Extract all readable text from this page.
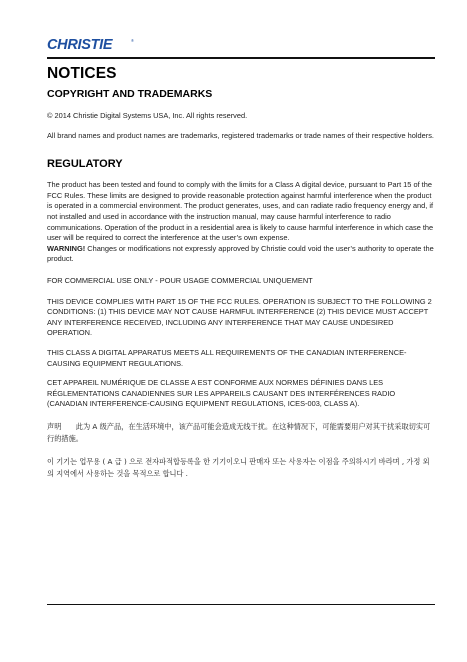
CHRISTIE	®
NOTICES
COPYRIGHT AND TRADEMARKS

© 2014 Christie Digital Systems USA, Inc. All rights reserved.

All brand names and product names are trademarks, registered trademarks or trade names of their respective holders.

REGULATORY

The product has been tested and found to comply with the limits for a Class A digital device, pursuant to Part 15 of the FCC Rules. These limits are designed to provide reasonable protection against harmful interference when the product is operated in a commercial environment. The product generates, uses, and can radiate radio frequency energy and, if not installed and used in accordance with the instruction manual, may cause harmful interference to radio communications. Operation of the product in a residential area is likely to cause harmful interference in which case the user will be required to correct the interference at the user’s own expense.
WARNING! Changes or modifications not expressly approved by Christie could void the user’s authority to operate the product.

FOR COMMERCIAL USE ONLY - POUR USAGE COMMERCIAL UNIQUEMENT

THIS DEVICE COMPLIES WITH PART 15 OF THE FCC RULES. OPERATION IS SUBJECT TO THE FOLLOWING 2 CONDITIONS: (1) THIS DEVICE MAY NOT CAUSE HARMFUL INTERFERENCE (2) THIS DEVICE MUST ACCEPT ANY INTERFERENCE RECEIVED, INCLUDING ANY INTERFERENCE THAT MAY CAUSE UNDESIRED OPERATION.

THIS CLASS A DIGITAL APPARATUS MEETS ALL REQUIREMENTS OF THE CANADIAN INTERFERENCE-CAUSING EQUIPMENT REGULATIONS.

CET APPAREIL NUMÉRIQUE DE CLASSE A EST CONFORME AUX NORMES DÉFINIES DANS LES RÉGLEMENTATIONS CANADIENNES SUR LES APPAREILS CAUSANT DES INTERFÉRENCES RADIO (CANADIAN INTERFERENCE-CAUSING EQUIPMENT REGULATIONS, ICES-003, CLASS A).

声明　　此为 A 级产品，在生活环境中，该产品可能会造成无线干扰。在这种情况下，可能需要用户对其干扰采取切实可行的措施。

이 기기는 업무용 ( A 급 ) 으로 전자파적합등록을 한 기기이오니 판매자 또는 사용자는 이점을 주의하시기 바라며 , 가정 외의 지역에서 사용하는 것을 목적으로 합니다 .
